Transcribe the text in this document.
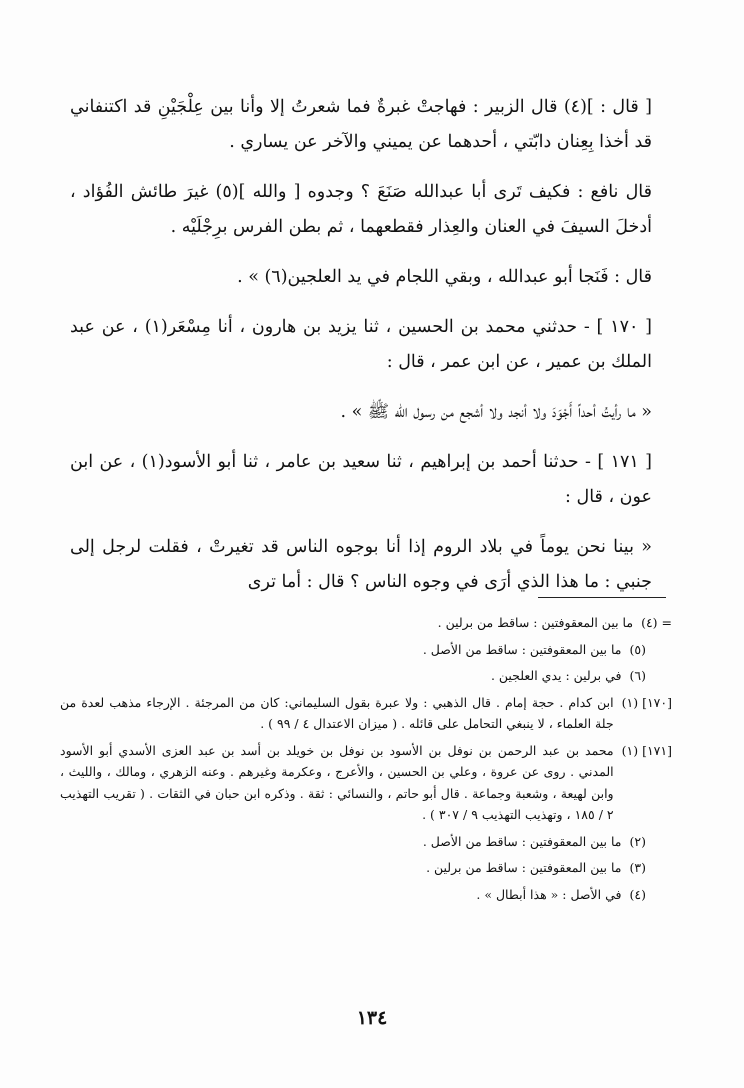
[ قال : ](٤) قال الزبير : فهاجتْ غبرةٌ فما شعرتُ إلا وأنا بين عِلْجَيْنِ قد اكتنفاني قد أخذا بِعِنان دابّتي ، أحدهما عن يميني والآخر عن يساري .

قال نافع : فكيف تَرى أبا عبدالله صَنَعَ ؟ وجدوه [ والله ](٥) غيرَ طائش الفُؤاد ، أدخلَ السيفَ في العنان والعِذار فقطعهما ، ثم بطن الفرس برِجْلَيْه .

قال : فَنَجا أبو عبدالله ، وبقي اللجام في يد العلجين(٦) » .

[ ١٧٠ ] - حدثني محمد بن الحسين ، ثنا يزيد بن هارون ، أنا مِسْعَر(١) ، عن عبد الملك بن عمير ، عن ابن عمر ، قال :

« ما رأيتُ أحداً أَجْوَدَ ولا أنجد ولا أشجع من رسول الله ﷺ » .

[ ١٧١ ] - حدثنا أحمد بن إبراهيم ، ثنا سعيد بن عامر ، ثنا أبو الأسود(١) ، عن ابن عون ، قال :

« بينا نحن يوماً في بلاد الروم إذا أنا بوجوه الناس قد تغيرتْ ، فقلت لرجل إلى جنبي : ما هذا الذي أرَى في وجوه الناس ؟ قال : أما ترى

= (٤)
ما بين المعقوفتين : ساقط من برلين .
(٥)
ما بين المعقوفتين : ساقط من الأصل .
(٦)
في برلين : يدي العلجين .
[١٧٠] (١)
ابن كدام . حجة إمام . قال الذهبي : ولا عبرة بقول السليماني: كان من المرجئة . الإرجاء مذهب لعدة من جلة العلماء ، لا ينبغي التحامل على قائله . ( ميزان الاعتدال ٤ / ٩٩ ) .
[١٧١] (١)
محمد بن عبد الرحمن بن نوفل بن الأسود بن نوفل بن خويلد بن أسد بن عبد العزى الأسدي أبو الأسود المدني . روى عن عروة ، وعلي بن الحسين ، والأعرج ، وعكرمة وغيرهم . وعنه الزهري ، ومالك ، والليث ، وابن لهيعة ، وشعبة وجماعة . قال أبو حاتم ، والنسائي : ثقة . وذكره ابن حبان في الثقات . ( تقريب التهذيب ٢ / ١٨٥ ، وتهذيب التهذيب ٩ / ٣٠٧ ) .
(٢)
ما بين المعقوفتين : ساقط من الأصل .
(٣)
ما بين المعقوفتين : ساقط من برلين .
(٤)
في الأصل : « هذا أبطال » .
١٣٤
